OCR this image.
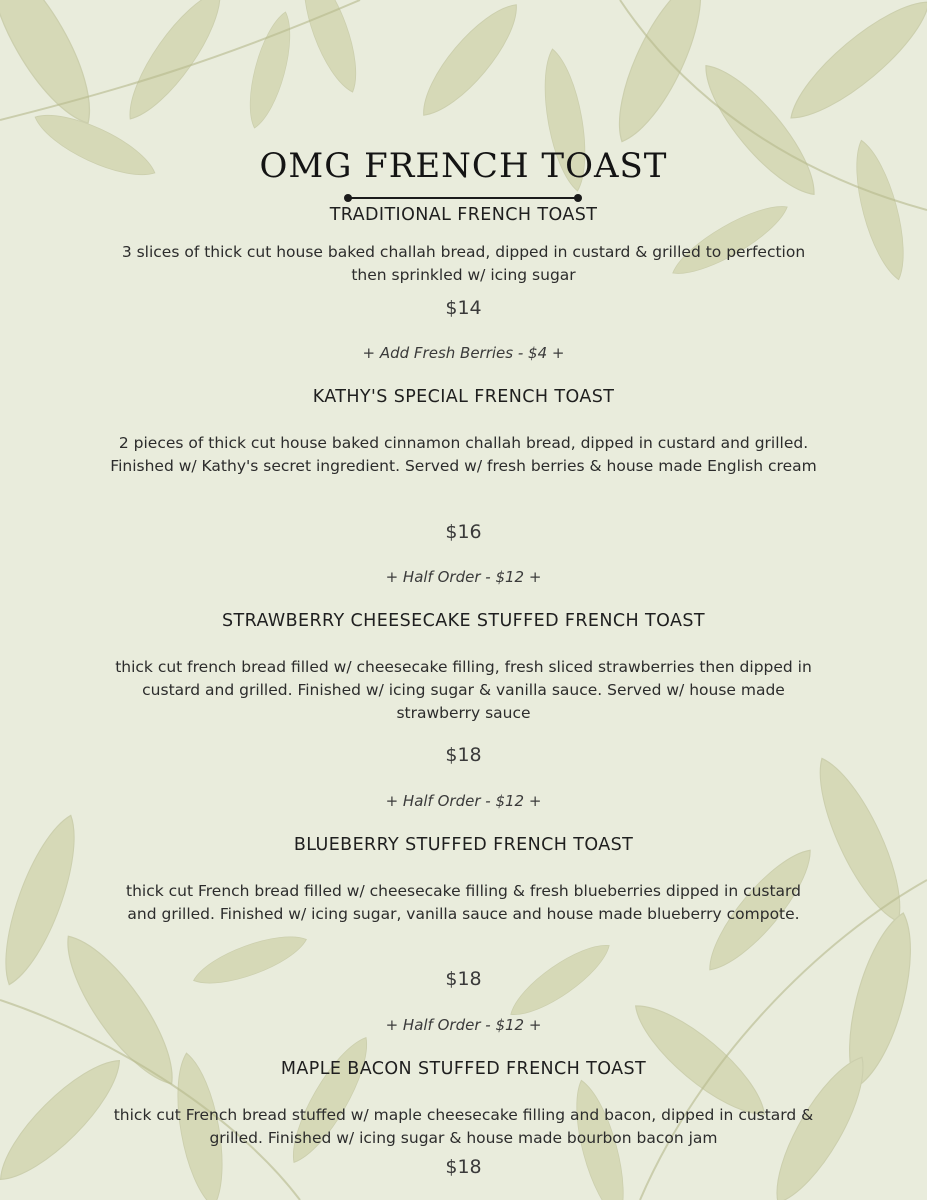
OMG FRENCH TOAST
TRADITIONAL FRENCH TOAST
3 slices of thick cut house baked challah bread, dipped in custard & grilled to perfection then sprinkled w/ icing sugar
$14
+ Add Fresh Berries - $4 +
KATHY'S SPECIAL FRENCH TOAST
2 pieces of thick cut house baked cinnamon challah bread, dipped in custard and grilled. Finished w/ Kathy's secret ingredient. Served w/ fresh berries & house made English cream
$16
+ Half Order - $12 +
STRAWBERRY CHEESECAKE STUFFED FRENCH TOAST
thick cut french bread filled w/ cheesecake filling, fresh sliced strawberries then dipped in custard and grilled. Finished w/ icing sugar & vanilla sauce. Served w/ house made strawberry sauce
$18
+ Half Order - $12 +
BLUEBERRY STUFFED FRENCH TOAST
thick cut French bread filled w/ cheesecake filling & fresh blueberries dipped in custard and grilled. Finished w/ icing sugar, vanilla sauce and house made blueberry compote.
$18
+ Half Order - $12 +
MAPLE BACON STUFFED FRENCH TOAST
thick cut French bread stuffed w/ maple cheesecake filling and bacon, dipped in custard & grilled. Finished w/ icing sugar & house made bourbon bacon jam
$18
